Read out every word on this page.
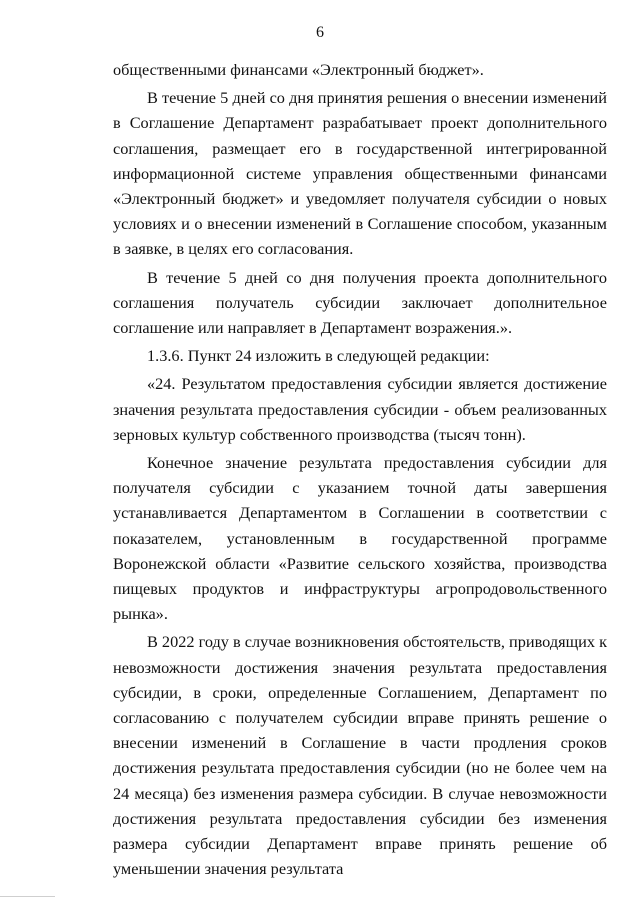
6

общественными финансами «Электронный бюджет».

В течение 5 дней со дня принятия решения о внесении изменений в Соглашение Департамент разрабатывает проект дополнительного соглашения, размещает его в государственной интегрированной информационной системе управления общественными финансами «Электронный бюджет» и уведомляет получателя субсидии о новых условиях и о внесении изменений в Соглашение способом, указанным в заявке, в целях его согласования.

В течение 5 дней со дня получения проекта дополнительного соглашения получатель субсидии заключает дополнительное соглашение или направляет в Департамент возражения.».

1.3.6. Пункт 24 изложить в следующей редакции:

«24. Результатом предоставления субсидии является достижение значения результата предоставления субсидии - объем реализованных зерновых культур собственного производства (тысяч тонн).

Конечное значение результата предоставления субсидии для получателя субсидии с указанием точной даты завершения устанавливается Департаментом в Соглашении в соответствии с показателем, установленным в государственной программе Воронежской области «Развитие сельского хозяйства, производства пищевых продуктов и инфраструктуры агропродовольственного рынка».

В 2022 году в случае возникновения обстоятельств, приводящих к невозможности достижения значения результата предоставления субсидии, в сроки, определенные Соглашением, Департамент по согласованию с получателем субсидии вправе принять решение о внесении изменений в Соглашение в части продления сроков достижения результата предоставления субсидии (но не более чем на 24 месяца) без изменения размера субсидии. В случае невозможности достижения результата предоставления субсидии без изменения размера субсидии Департамент вправе принять решение об уменьшении значения результата
